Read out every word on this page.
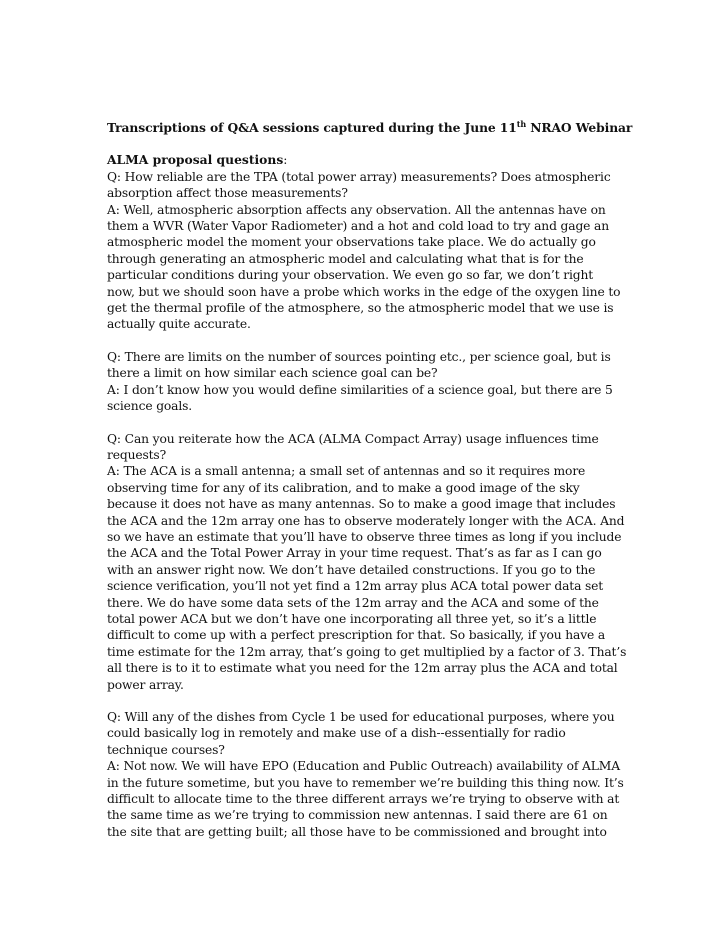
Transcriptions of Q&A sessions captured during the June 11th NRAO Webinar
ALMA proposal questions:
Q: How reliable are the TPA (total power array) measurements? Does atmospheric
absorption affect those measurements?
A: Well, atmospheric absorption affects any observation. All the antennas have on
them a WVR (Water Vapor Radiometer) and a hot and cold load to try and gage an
atmospheric model the moment your observations take place. We do actually go
through generating an atmospheric model and calculating what that is for the
particular conditions during your observation. We even go so far, we don’t right
now, but we should soon have a probe which works in the edge of the oxygen line to
get the thermal profile of the atmosphere, so the atmospheric model that we use is
actually quite accurate.
Q: There are limits on the number of sources pointing etc., per science goal, but is
there a limit on how similar each science goal can be?
A: I don’t know how you would define similarities of a science goal, but there are 5
science goals.
Q: Can you reiterate how the ACA (ALMA Compact Array) usage influences time
requests?
A: The ACA is a small antenna; a small set of antennas and so it requires more
observing time for any of its calibration, and to make a good image of the sky
because it does not have as many antennas. So to make a good image that includes
the ACA and the 12m array one has to observe moderately longer with the ACA. And
so we have an estimate that you’ll have to observe three times as long if you include
the ACA and the Total Power Array in your time request. That’s as far as I can go
with an answer right now. We don’t have detailed constructions. If you go to the
science verification, you’ll not yet find a 12m array plus ACA total power data set
there. We do have some data sets of the 12m array and the ACA and some of the
total power ACA but we don’t have one incorporating all three yet, so it’s a little
difficult to come up with a perfect prescription for that. So basically, if you have a
time estimate for the 12m array, that’s going to get multiplied by a factor of 3. That’s
all there is to it to estimate what you need for the 12m array plus the ACA and total
power array.
Q: Will any of the dishes from Cycle 1 be used for educational purposes, where you
could basically log in remotely and make use of a dish--essentially for radio
technique courses?
A: Not now. We will have EPO (Education and Public Outreach) availability of ALMA
in the future sometime, but you have to remember we’re building this thing now. It’s
difficult to allocate time to the three different arrays we’re trying to observe with at
the same time as we’re trying to commission new antennas. I said there are 61 on
the site that are getting built; all those have to be commissioned and brought into
